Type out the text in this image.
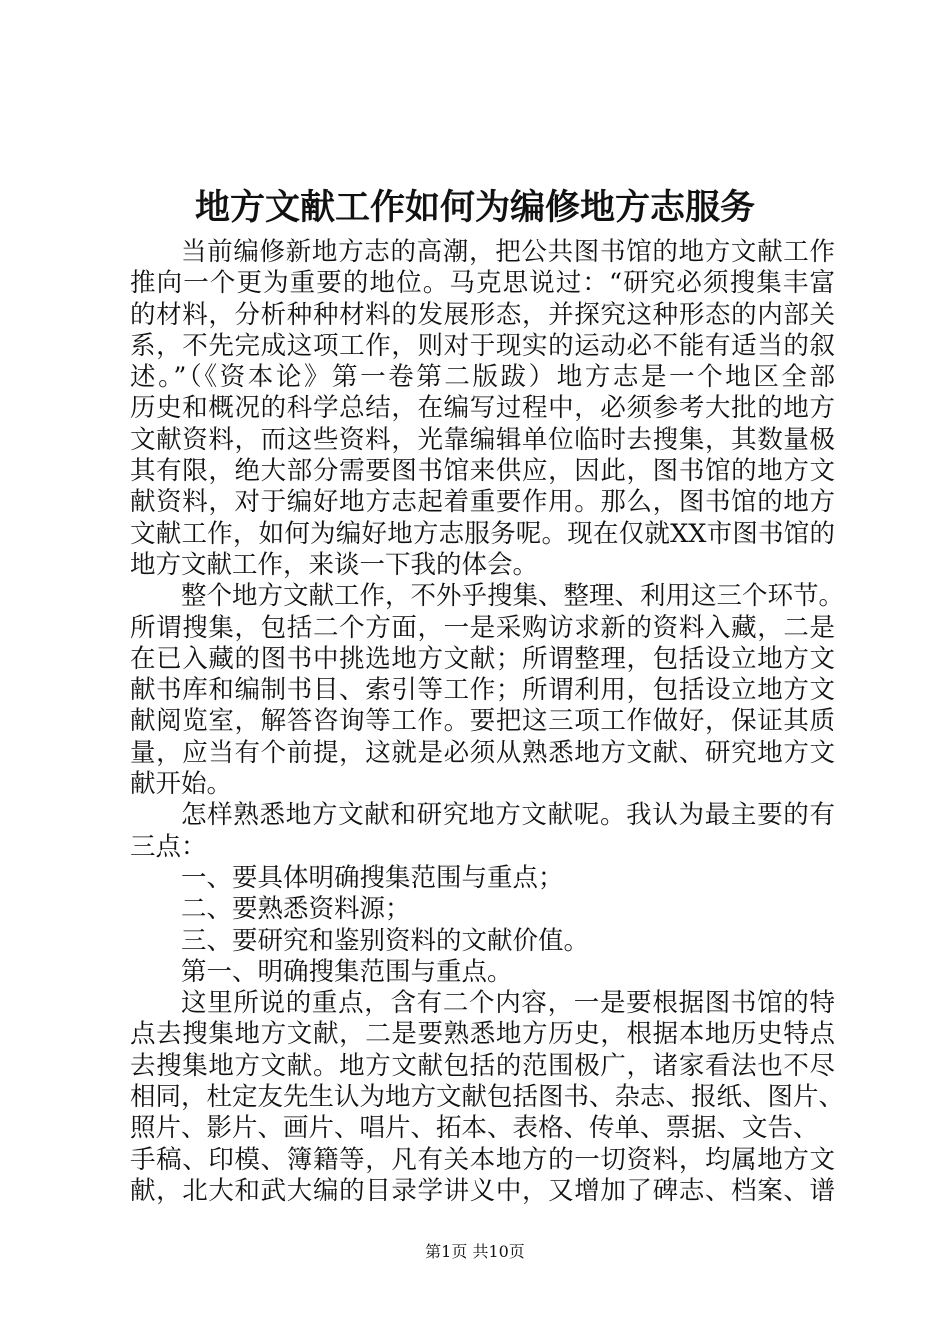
地方文献工作如何为编修地方志服务
当前编修新地方志的高潮，把公共图书馆的地方文献工作
推向一个更为重要的地位。马克思说过：“研究必须搜集丰富
的材料，分析种种材料的发展形态，并探究这种形态的内部关
系，不先完成这项工作，则对于现实的运动必不能有适当的叙
述。”（《资本论》第一卷第二版跋）地方志是一个地区全部
历史和概况的科学总结，在编写过程中，必须参考大批的地方
文献资料，而这些资料，光靠编辑单位临时去搜集，其数量极
其有限，绝大部分需要图书馆来供应，因此，图书馆的地方文
献资料，对于编好地方志起着重要作用。那么，图书馆的地方
文献工作，如何为编好地方志服务呢。现在仅就XX市图书馆的
地方文献工作，来谈一下我的体会。
整个地方文献工作，不外乎搜集、整理、利用这三个环节。
所谓搜集，包括二个方面，一是采购访求新的资料入藏，二是
在已入藏的图书中挑选地方文献；所谓整理，包括设立地方文
献书库和编制书目、索引等工作；所谓利用，包括设立地方文
献阅览室，解答咨询等工作。要把这三项工作做好，保证其质
量，应当有个前提，这就是必须从熟悉地方文献、研究地方文
献开始。
怎样熟悉地方文献和研究地方文献呢。我认为最主要的有
三点：
一、要具体明确搜集范围与重点；
二、要熟悉资料源；
三、要研究和鉴别资料的文献价值。
第一、明确搜集范围与重点。
这里所说的重点，含有二个内容，一是要根据图书馆的特
点去搜集地方文献，二是要熟悉地方历史，根据本地历史特点
去搜集地方文献。地方文献包括的范围极广，诸家看法也不尽
相同，杜定友先生认为地方文献包括图书、杂志、报纸、图片、
照片、影片、画片、唱片、拓本、表格、传单、票据、文告、
手稿、印模、簿籍等，凡有关本地方的一切资料，均属地方文
献，北大和武大编的目录学讲义中，又增加了碑志、档案、谱
第1页 共10页
